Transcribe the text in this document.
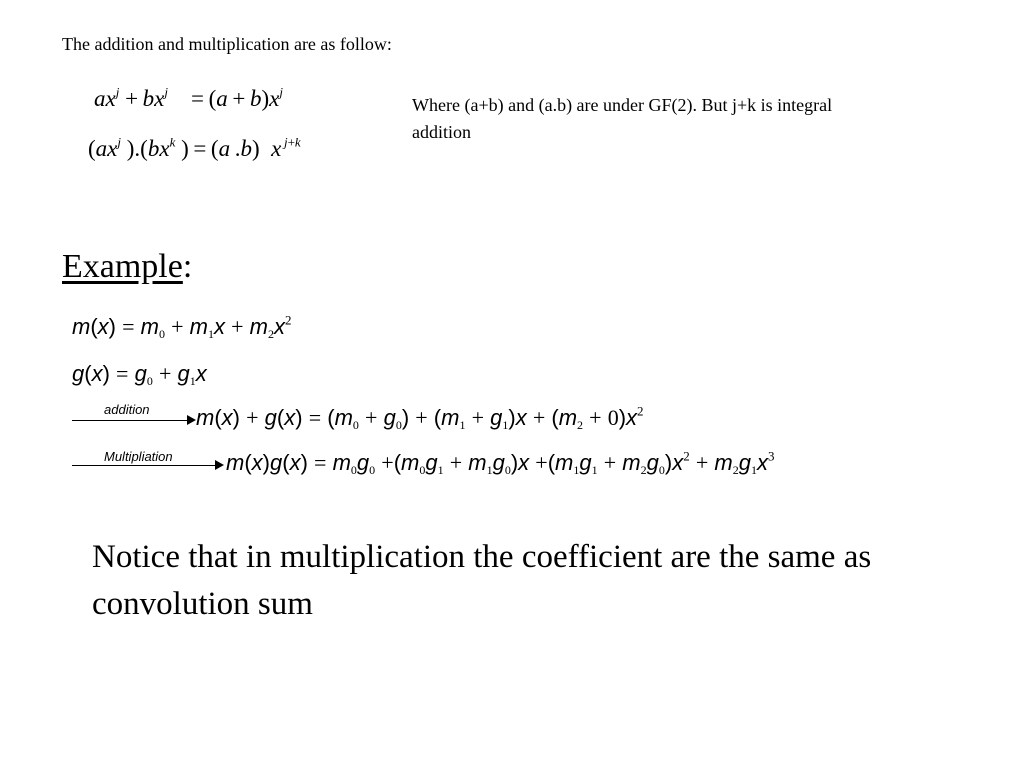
The addition and multiplication are as follow:
$ax^j + bx^j = (a + b)x^j$
($ax^j$ )$.(bx^k$ ) = (a .b)  x $^{j+k}$
Where (a+b) and (a.b) are under GF(2). But j+k is integral addition
Example:
$m(x) = m_0 + m_1x + m_2x^2$
$g(x) = g_0 + g_1x$
addition $m(x) + g(x) = (m_0 + g_0) + (m_1 + g_1)x + (m_2 + 0)x^2$
Multipliation $m(x)g(x) = m_0g_0 +(m_0g_1 + m_1g_0)x +(m_1g_1 + m_2g_0)x^2 + m_2g_1x^3$
Notice that in multiplication the coefficient are the same as convolution sum
